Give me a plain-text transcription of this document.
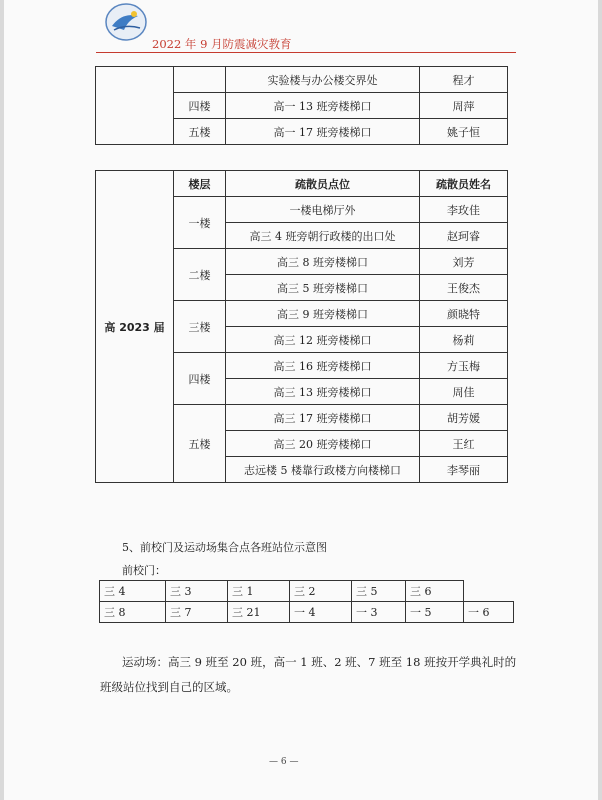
2022 年 9 月防震减灾教育
		实验楼与办公楼交界处	程才
	四楼	高一 13 班旁楼梯口	周萍
	五楼	高一 17 班旁楼梯口	姚子恒
高 2023 届	楼层	疏散员点位	疏散员姓名
	一楼	一楼电梯厅外	李玫佳
		高三 4 班旁朝行政楼的出口处	赵珂睿
	二楼	高三 8 班旁楼梯口	刘芳
		高三 5 班旁楼梯口	王俊杰
	三楼	高三 9 班旁楼梯口	颜晓特
		高三 12 班旁楼梯口	杨莉
	四楼	高三 16 班旁楼梯口	方玉梅
		高三 13 班旁楼梯口	周佳
	五楼	高三 17 班旁楼梯口	胡芳媛
		高三 20 班旁楼梯口	王红
		志远楼 5 楼靠行政楼方向楼梯口	李琴丽
5、前校门及运动场集合点各班站位示意图
前校门：
三 4	三 3	三 1	三 2	三 5	三 6	
三 8	三 7	三 21	一 4	一 3	一 5	一 6
运动场：高三 9 班至 20 班，高一 1 班、2 班、7 班至 18 班按开学典礼时的
班级站位找到自己的区域。
— 6 —
